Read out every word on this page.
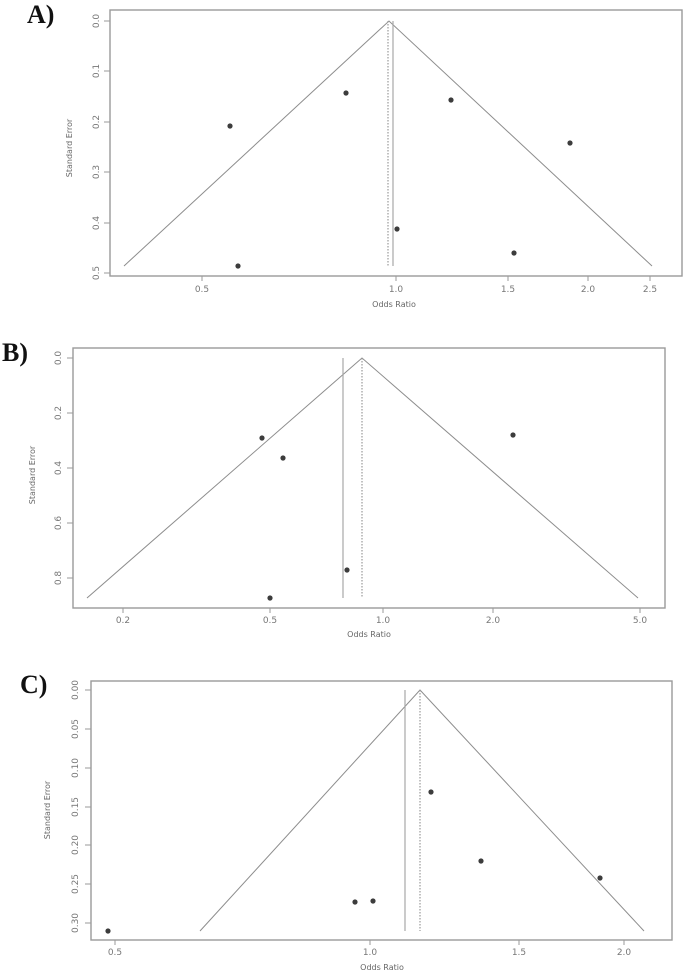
A)	0.0
0.1
0.2
0.3
0.4
0.5
Standard Error
0.5	1.0	1.5	2.0	2.5
Odds Ratio
B)	0.0
0.2
0.4
0.6
0.8
Standard Error
0.2	0.5	1.0	2.0	5.0
Odds Ratio
C)	0.00
0.05
0.10
0.15
0.20
0.25
0.30
Standard Error
0.5	1.0	1.5	2.0
Odds Ratio
